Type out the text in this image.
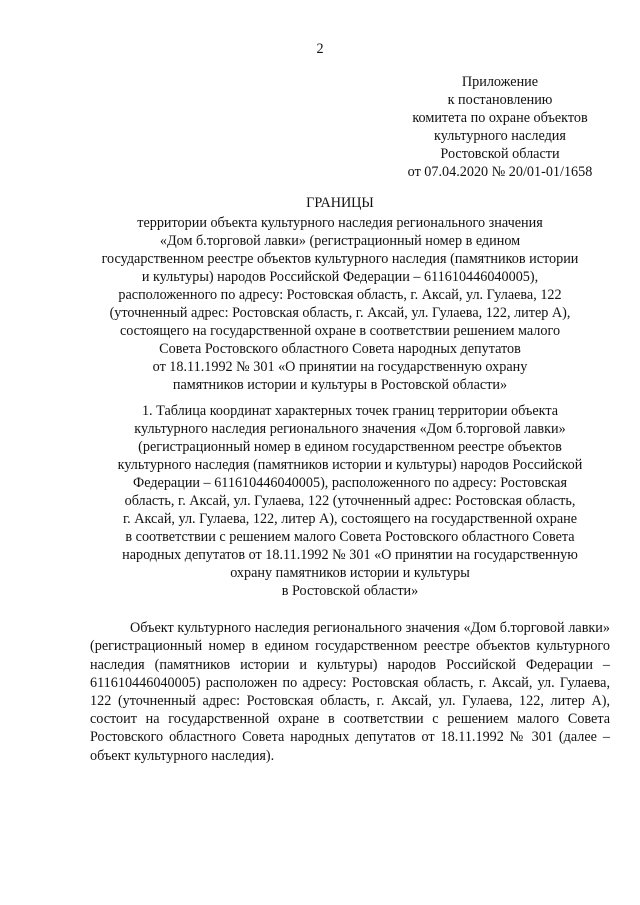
2
Приложение
к постановлению
комитета по охране объектов
культурного наследия
Ростовской области
от 07.04.2020 № 20/01-01/1658
ГРАНИЦЫ
территории объекта культурного наследия регионального значения
«Дом б.торговой лавки» (регистрационный номер в едином
государственном реестре объектов культурного наследия (памятников истории
и культуры) народов Российской Федерации – 611610446040005),
расположенного по адресу: Ростовская область, г. Аксай, ул. Гулаева, 122
(уточненный адрес: Ростовская область, г. Аксай, ул. Гулаева, 122, литер А),
состоящего на государственной охране в соответствии решением малого
Совета Ростовского областного Совета народных депутатов
от 18.11.1992 № 301 «О принятии на государственную охрану
памятников истории и культуры в Ростовской области»
1. Таблица координат характерных точек границ территории объекта
культурного наследия регионального значения «Дом б.торговой лавки»
(регистрационный номер в едином государственном реестре объектов
культурного наследия (памятников истории и культуры) народов Российской
Федерации – 611610446040005), расположенного по адресу: Ростовская
область, г. Аксай, ул. Гулаева, 122 (уточненный адрес: Ростовская область,
г. Аксай, ул. Гулаева, 122, литер А), состоящего на государственной охране
в соответствии с решением малого Совета Ростовского областного Совета
народных депутатов от 18.11.1992 № 301 «О принятии на государственную
охрану памятников истории и культуры
в Ростовской области»

Объект культурного наследия регионального значения «Дом б.торговой лавки» (регистрационный номер в едином государственном реестре объектов культурного наследия (памятников истории и культуры) народов Российской Федерации – 611610446040005) расположен по адресу: Ростовская область, г. Аксай, ул. Гулаева, 122 (уточненный адрес: Ростовская область, г. Аксай, ул. Гулаева, 122, литер А), состоит на государственной охране в соответствии с решением малого Совета Ростовского областного Совета народных депутатов от 18.11.1992 № 301 (далее – объект культурного наследия).
